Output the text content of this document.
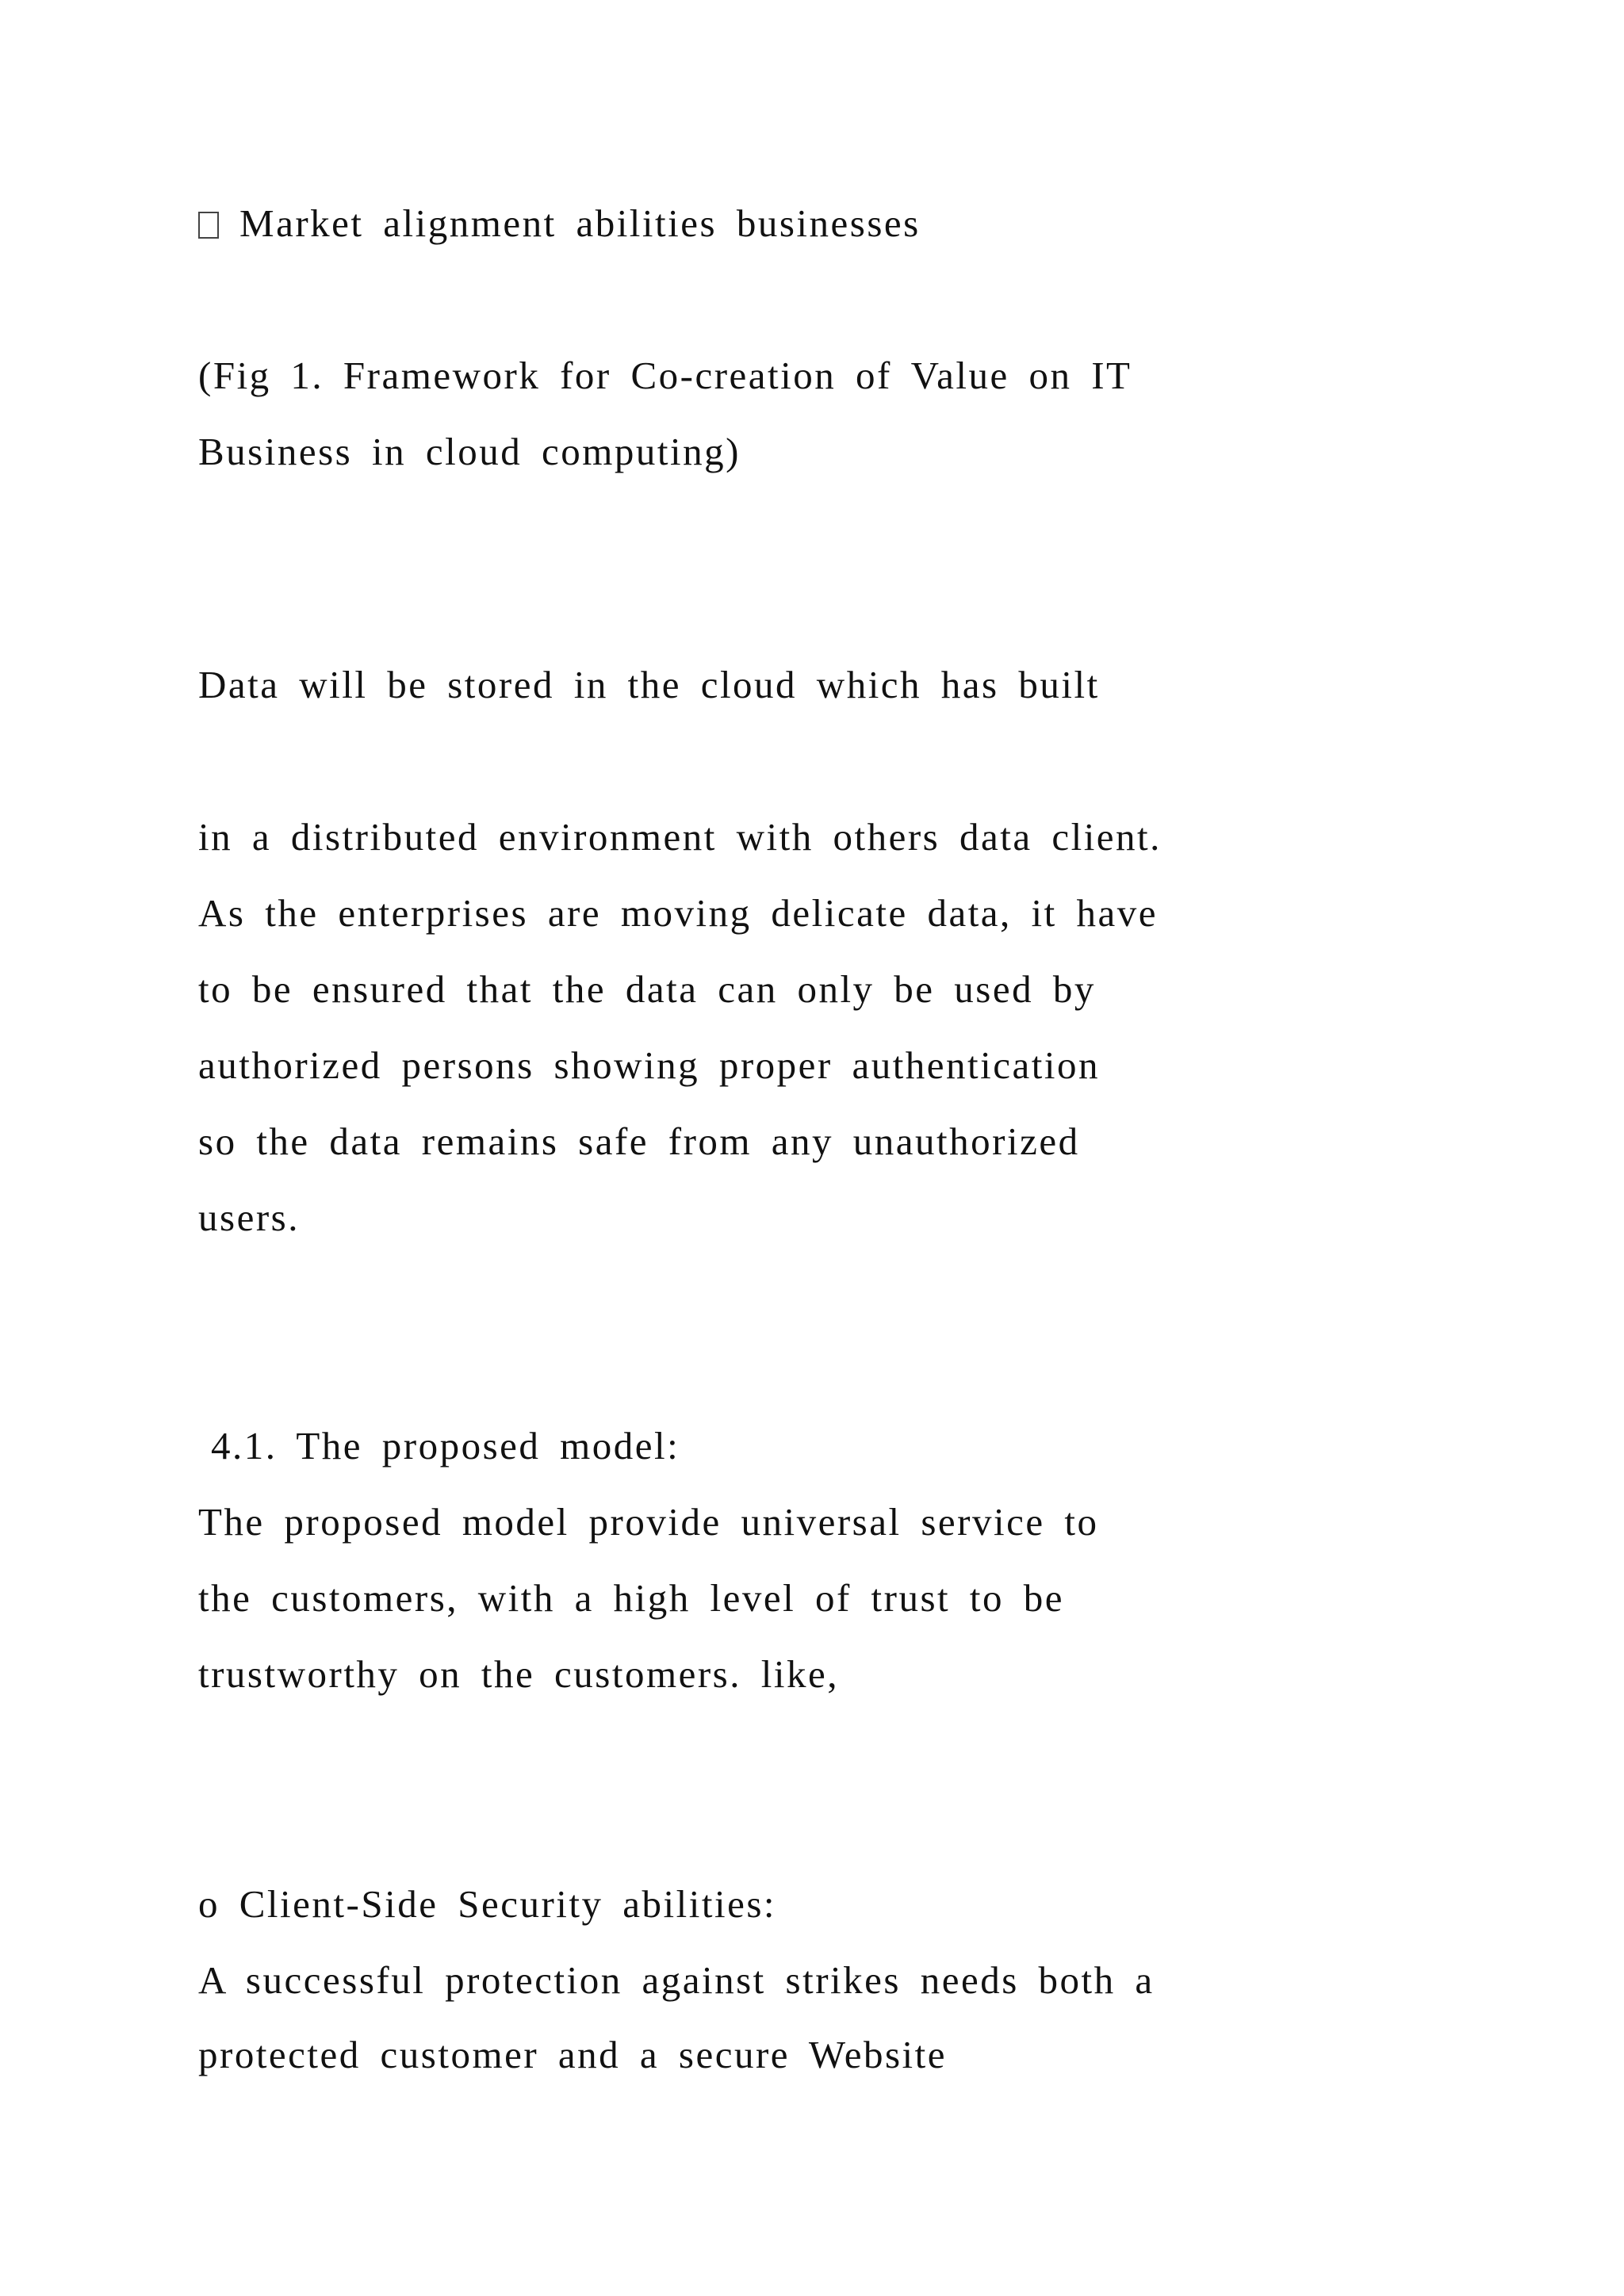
Market alignment abilities businesses
(Fig 1. Framework for Co-creation of Value on IT
Business in cloud computing)
Data will be stored in the cloud which has built
in a distributed environment with others data client.
As the enterprises are moving delicate data, it have
to be ensured that the data can only be used by
authorized persons showing proper authentication
so the data remains safe from any unauthorized
users.
4.1. The proposed model:
The proposed model provide universal service to
the customers, with a high level of trust to be
trustworthy on the customers. like,
o Client-Side Security abilities:
A successful protection against strikes needs both a
protected customer and a secure Website
